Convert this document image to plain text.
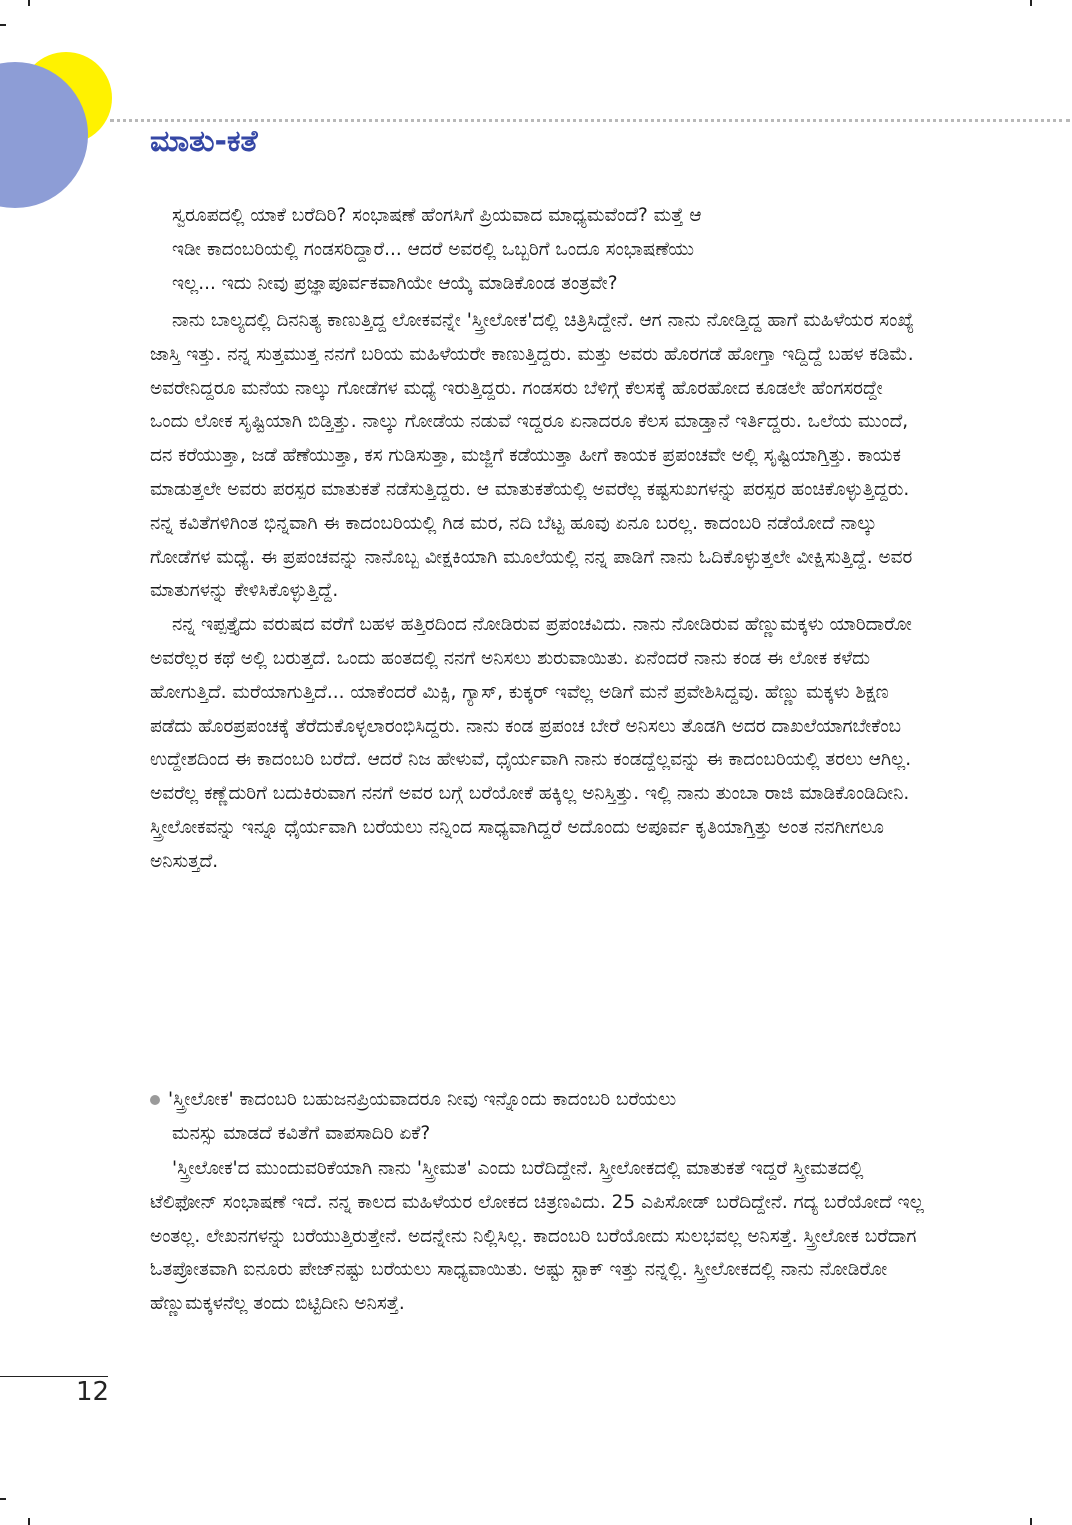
ಮಾತು-ಕತೆ

ಸ್ವರೂಪದಲ್ಲಿ ಯಾಕೆ ಬರೆದಿರಿ? ಸಂಭಾಷಣೆ ಹೆಂಗಸಿಗೆ ಪ್ರಿಯವಾದ ಮಾಧ್ಯಮವೆಂದೆ? ಮತ್ತೆ ಆ

ಇಡೀ ಕಾದಂಬರಿಯಲ್ಲಿ ಗಂಡಸರಿದ್ದಾರೆ... ಆದರೆ ಅವರಲ್ಲಿ ಒಬ್ಬರಿಗೆ ಒಂದೂ ಸಂಭಾಷಣೆಯು

ಇಲ್ಲ... ಇದು ನೀವು ಪ್ರಜ್ಞಾಪೂರ್ವಕವಾಗಿಯೇ ಆಯ್ಕೆ ಮಾಡಿಕೊಂಡ ತಂತ್ರವೇ?

ನಾನು ಬಾಲ್ಯದಲ್ಲಿ ದಿನನಿತ್ಯ ಕಾಣುತ್ತಿದ್ದ ಲೋಕವನ್ನೇ 'ಸ್ತ್ರೀಲೋಕ'ದಲ್ಲಿ ಚಿತ್ರಿಸಿದ್ದೇನೆ. ಆಗ ನಾನು ನೋಡ್ತಿದ್ದ ಹಾಗೆ ಮಹಿಳೆಯರ ಸಂಖ್ಯೆ ಜಾಸ್ತಿ ಇತ್ತು. ನನ್ನ ಸುತ್ತಮುತ್ತ ನನಗೆ ಬರಿಯ ಮಹಿಳೆಯರೇ ಕಾಣುತ್ತಿದ್ದರು. ಮತ್ತು ಅವರು ಹೊರಗಡೆ ಹೋಗ್ತಾ ಇದ್ದಿದ್ದೆ ಬಹಳ ಕಡಿಮೆ. ಅವರೇನಿದ್ದರೂ ಮನೆಯ ನಾಲ್ಕು ಗೋಡೆಗಳ ಮಧ್ಯೆ ಇರುತ್ತಿದ್ದರು. ಗಂಡಸರು ಬೆಳಿಗ್ಗೆ ಕೆಲಸಕ್ಕೆ ಹೊರಹೋದ ಕೂಡಲೇ ಹೆಂಗಸರದ್ದೇ ಒಂದು ಲೋಕ ಸೃಷ್ಟಿಯಾಗಿ ಬಿಡ್ತಿತ್ತು. ನಾಲ್ಕು ಗೋಡೆಯ ನಡುವೆ ಇದ್ದರೂ ಏನಾದರೂ ಕೆಲಸ ಮಾಡ್ತಾನೆ ಇರ್ತಿದ್ದರು. ಒಲೆಯ ಮುಂದೆ, ದನ ಕರೆಯುತ್ತಾ, ಜಡೆ ಹೆಣೆಯುತ್ತಾ, ಕಸ ಗುಡಿಸುತ್ತಾ, ಮಜ್ಜಿಗೆ ಕಡೆಯುತ್ತಾ ಹೀಗೆ ಕಾಯಕ ಪ್ರಪಂಚವೇ ಅಲ್ಲಿ ಸೃಷ್ಟಿಯಾಗ್ತಿತ್ತು. ಕಾಯಕ ಮಾಡುತ್ತಲೇ ಅವರು ಪರಸ್ಪರ ಮಾತುಕತೆ ನಡೆಸುತ್ತಿದ್ದರು. ಆ ಮಾತುಕತೆಯಲ್ಲಿ ಅವರೆಲ್ಲ ಕಷ್ಟಸುಖಗಳನ್ನು ಪರಸ್ಪರ ಹಂಚಿಕೊಳ್ಳುತ್ತಿದ್ದರು. ನನ್ನ ಕವಿತೆಗಳಿಗಿಂತ ಭಿನ್ನವಾಗಿ ಈ ಕಾದಂಬರಿಯಲ್ಲಿ ಗಿಡ ಮರ, ನದಿ ಬೆಟ್ಟ ಹೂವು ಏನೂ ಬರಲ್ಲ. ಕಾದಂಬರಿ ನಡೆಯೋದೆ ನಾಲ್ಕು ಗೋಡೆಗಳ ಮಧ್ಯೆ. ಈ ಪ್ರಪಂಚವನ್ನು ನಾನೊಬ್ಬ ವೀಕ್ಷಕಿಯಾಗಿ ಮೂಲೆಯಲ್ಲಿ ನನ್ನ ಪಾಡಿಗೆ ನಾನು ಓದಿಕೊಳ್ಳುತ್ತಲೇ ವೀಕ್ಷಿಸುತ್ತಿದ್ದೆ. ಅವರ ಮಾತುಗಳನ್ನು ಕೇಳಿಸಿಕೊಳ್ಳುತ್ತಿದ್ದೆ.

ನನ್ನ ಇಪ್ಪತ್ತೈದು ವರುಷದ ವರೆಗೆ ಬಹಳ ಹತ್ತಿರದಿಂದ ನೋಡಿರುವ ಪ್ರಪಂಚವಿದು. ನಾನು ನೋಡಿರುವ ಹೆಣ್ಣುಮಕ್ಕಳು ಯಾರಿದಾರೋ ಅವರೆಲ್ಲರ ಕಥೆ ಅಲ್ಲಿ ಬರುತ್ತದೆ. ಒಂದು ಹಂತದಲ್ಲಿ ನನಗೆ ಅನಿಸಲು ಶುರುವಾಯಿತು. ಏನೆಂದರೆ ನಾನು ಕಂಡ ಈ ಲೋಕ ಕಳೆದು ಹೋಗುತ್ತಿದೆ. ಮರೆಯಾಗುತ್ತಿದೆ... ಯಾಕೆಂದರೆ ಮಿಕ್ಸಿ, ಗ್ಯಾಸ್, ಕುಕ್ಕರ್ ಇವೆಲ್ಲ ಅಡಿಗೆ ಮನೆ ಪ್ರವೇಶಿಸಿದ್ದವು. ಹೆಣ್ಣು ಮಕ್ಕಳು ಶಿಕ್ಷಣ ಪಡೆದು ಹೊರಪ್ರಪಂಚಕ್ಕೆ ತೆರೆದುಕೊಳ್ಳಲಾರಂಭಿಸಿದ್ದರು. ನಾನು ಕಂಡ ಪ್ರಪಂಚ ಬೇರೆ ಅನಿಸಲು ತೊಡಗಿ ಅದರ ದಾಖಲೆಯಾಗಬೇಕೆಂಬ ಉದ್ದೇಶದಿಂದ ಈ ಕಾದಂಬರಿ ಬರೆದೆ. ಆದರೆ ನಿಜ ಹೇಳುವೆ, ಧೈರ್ಯವಾಗಿ ನಾನು ಕಂಡದ್ದೆಲ್ಲವನ್ನು ಈ ಕಾದಂಬರಿಯಲ್ಲಿ ತರಲು ಆಗಿಲ್ಲ. ಅವರೆಲ್ಲ ಕಣ್ಣೆದುರಿಗೆ ಬದುಕಿರುವಾಗ ನನಗೆ ಅವರ ಬಗ್ಗೆ ಬರೆಯೋಕೆ ಹಕ್ಕಿಲ್ಲ ಅನಿಸ್ತಿತ್ತು. ಇಲ್ಲಿ ನಾನು ತುಂಬಾ ರಾಜಿ ಮಾಡಿಕೊಂಡಿದೀನಿ. ಸ್ತ್ರೀಲೋಕವನ್ನು ಇನ್ನೂ ಧೈರ್ಯವಾಗಿ ಬರೆಯಲು ನನ್ನಿಂದ ಸಾಧ್ಯವಾಗಿದ್ದರೆ ಅದೊಂದು ಅಪೂರ್ವ ಕೃತಿಯಾಗ್ತಿತ್ತು ಅಂತ ನನಗೀಗಲೂ ಅನಿಸುತ್ತದೆ.

'ಸ್ತ್ರೀಲೋಕ' ಕಾದಂಬರಿ ಬಹುಜನಪ್ರಿಯವಾದರೂ ನೀವು ಇನ್ನೊಂದು ಕಾದಂಬರಿ ಬರೆಯಲು

ಮನಸ್ಸು ಮಾಡದೆ ಕವಿತೆಗೆ ವಾಪಸಾದಿರಿ ಏಕೆ?

'ಸ್ತ್ರೀಲೋಕ'ದ ಮುಂದುವರಿಕೆಯಾಗಿ ನಾನು 'ಸ್ತ್ರೀಮತ' ಎಂದು ಬರೆದಿದ್ದೇನೆ. ಸ್ತ್ರೀಲೋಕದಲ್ಲಿ ಮಾತುಕತೆ ಇದ್ದರೆ ಸ್ತ್ರೀಮತದಲ್ಲಿ ಟೆಲಿಫೋನ್ ಸಂಭಾಷಣೆ ಇದೆ. ನನ್ನ ಕಾಲದ ಮಹಿಳೆಯರ ಲೋಕದ ಚಿತ್ರಣವಿದು. 25 ಎಪಿಸೋಡ್ ಬರೆದಿದ್ದೇನೆ. ಗದ್ಯ ಬರೆಯೋದೆ ಇಲ್ಲ ಅಂತಲ್ಲ. ಲೇಖನಗಳನ್ನು ಬರೆಯುತ್ತಿರುತ್ತೇನೆ. ಅದನ್ನೇನು ನಿಲ್ಲಿಸಿಲ್ಲ. ಕಾದಂಬರಿ ಬರೆಯೋದು ಸುಲಭವಲ್ಲ ಅನಿಸತ್ತೆ. ಸ್ತ್ರೀಲೋಕ ಬರೆದಾಗ ಓತಪ್ರೋತವಾಗಿ ಐನೂರು ಪೇಜ್‌ನಷ್ಟು ಬರೆಯಲು ಸಾಧ್ಯವಾಯಿತು. ಅಷ್ಟು ಸ್ಟಾಕ್ ಇತ್ತು ನನ್ನಲ್ಲಿ. ಸ್ತ್ರೀಲೋಕದಲ್ಲಿ ನಾನು ನೋಡಿರೋ ಹೆಣ್ಣುಮಕ್ಕಳನೆಲ್ಲ ತಂದು ಬಿಟ್ಟಿದೀನಿ ಅನಿಸತ್ತೆ.

12
